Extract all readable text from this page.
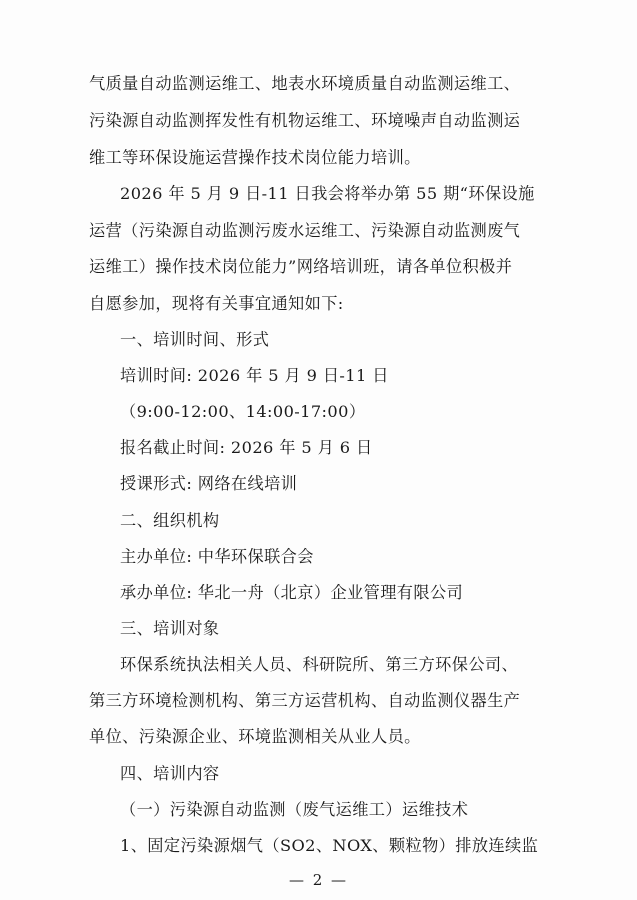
气质量自动监测运维工、地表水环境质量自动监测运维工、
污染源自动监测挥发性有机物运维工、环境噪声自动监测运
维工等环保设施运营操作技术岗位能力培训。
2026 年 5 月 9 日-11 日我会将举办第 55 期“环保设施
运营（污染源自动监测污废水运维工、污染源自动监测废气
运维工）操作技术岗位能力”网络培训班，请各单位积极并
自愿参加，现将有关事宜通知如下:
一、培训时间、形式
培训时间: 2026 年 5 月 9 日-11 日
（9:00-12:00、14:00-17:00）
报名截止时间: 2026 年 5 月 6 日
授课形式: 网络在线培训
二、组织机构
主办单位: 中华环保联合会
承办单位: 华北一舟（北京）企业管理有限公司
三、培训对象
环保系统执法相关人员、科研院所、第三方环保公司、
第三方环境检测机构、第三方运营机构、自动监测仪器生产
单位、污染源企业、环境监测相关从业人员。
四、培训内容
（一）污染源自动监测（废气运维工）运维技术
1、固定污染源烟气（SO2、NOX、颗粒物）排放连续监
— 2 —
